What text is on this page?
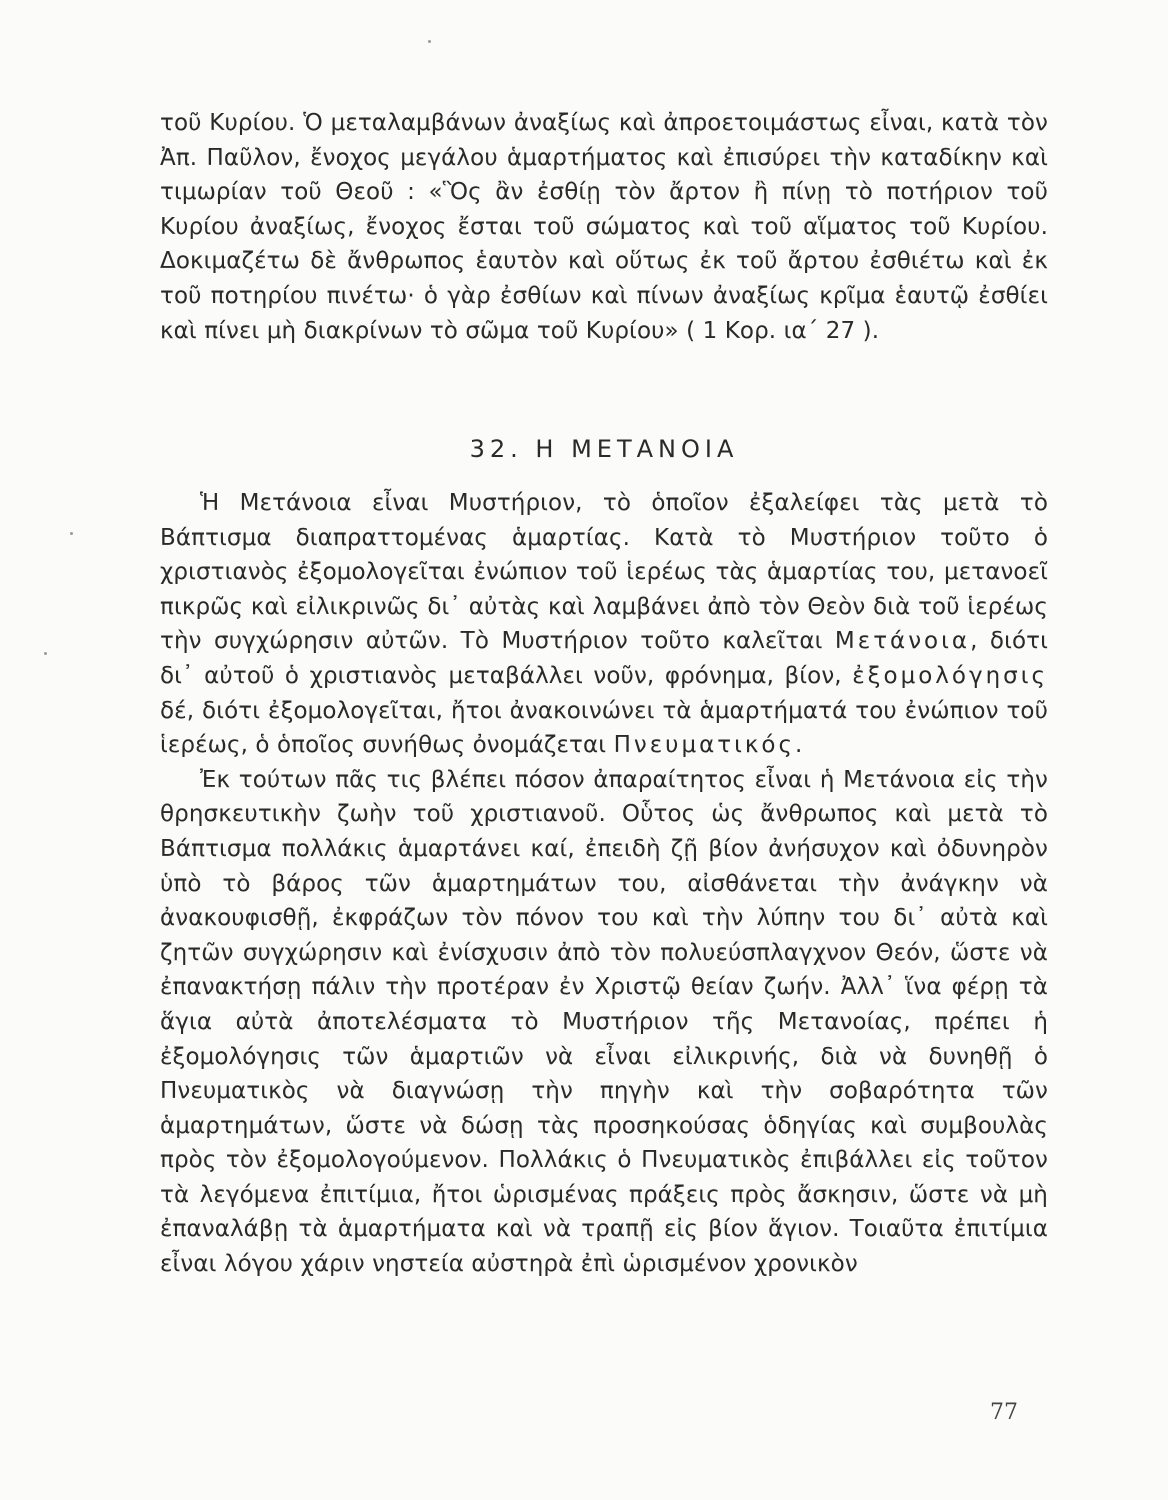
τοῦ Κυρίου. Ὁ μεταλαμβάνων ἀναξίως καὶ ἀπροετοιμάστως εἶναι, κατὰ τὸν Ἀπ. Παῦλον, ἔνοχος μεγάλου ἁμαρτήματος καὶ ἐπισύρει τὴν καταδίκην καὶ τιμωρίαν τοῦ Θεοῦ : «Ὃς ἂν ἐσθίῃ τὸν ἄρτον ἢ πίνῃ τὸ ποτήριον τοῦ Κυρίου ἀναξίως, ἔνοχος ἔσται τοῦ σώματος καὶ τοῦ αἵματος τοῦ Κυρίου. Δοκιμαζέτω δὲ ἄνθρωπος ἑαυτὸν καὶ οὕτως ἐκ τοῦ ἄρτου ἐσθιέτω καὶ ἐκ τοῦ ποτηρίου πινέτω· ὁ γὰρ ἐσθίων καὶ πίνων ἀναξίως κρῖμα ἑαυτῷ ἐσθίει καὶ πίνει μὴ διακρίνων τὸ σῶμα τοῦ Κυρίου» ( 1 Κορ. ια΄ 27 ).

32. Η ΜΕΤΑΝΟΙΑ

Ἡ Μετάνοια εἶναι Μυστήριον, τὸ ὁποῖον ἐξαλείφει τὰς μετὰ τὸ Βάπτισμα διαπραττομένας ἁμαρτίας. Κατὰ τὸ Μυστήριον τοῦτο ὁ χριστιανὸς ἐξομολογεῖται ἐνώπιον τοῦ ἱερέως τὰς ἁμαρτίας του, μετανοεῖ πικρῶς καὶ εἰλικρινῶς δι᾽ αὐτὰς καὶ λαμβάνει ἀπὸ τὸν Θεὸν διὰ τοῦ ἱερέως τὴν συγχώρησιν αὐτῶν. Τὸ Μυστήριον τοῦτο καλεῖται Μετάνοια, διότι δι᾽ αὐτοῦ ὁ χριστιανὸς μεταβάλλει νοῦν, φρόνημα, βίον, ἐξομολόγησις δέ, διότι ἐξομολογεῖται, ἤτοι ἀνακοινώνει τὰ ἁμαρτήματά του ἐνώπιον τοῦ ἱερέως, ὁ ὁποῖος συνήθως ὀνομάζεται Πνευματικός.

Ἐκ τούτων πᾶς τις βλέπει πόσον ἀπαραίτητος εἶναι ἡ Μετάνοια εἰς τὴν θρησκευτικὴν ζωὴν τοῦ χριστιανοῦ. Οὗτος ὡς ἄνθρωπος καὶ μετὰ τὸ Βάπτισμα πολλάκις ἁμαρτάνει καί, ἐπειδὴ ζῇ βίον ἀνήσυχον καὶ ὀδυνηρὸν ὑπὸ τὸ βάρος τῶν ἁμαρτημάτων του, αἰσθάνεται τὴν ἀνάγκην νὰ ἀνακουφισθῇ, ἐκφράζων τὸν πόνον του καὶ τὴν λύπην του δι᾽ αὐτὰ καὶ ζητῶν συγχώρησιν καὶ ἐνίσχυσιν ἀπὸ τὸν πολυεύσπλαγχνον Θεόν, ὥστε νὰ ἐπανακτήσῃ πάλιν τὴν προτέραν ἐν Χριστῷ θείαν ζωήν. Ἀλλ᾽ ἵνα φέρῃ τὰ ἅγια αὐτὰ ἀποτελέσματα τὸ Μυστήριον τῆς Μετανοίας, πρέπει ἡ ἐξομολόγησις τῶν ἁμαρτιῶν νὰ εἶναι εἰλικρινής, διὰ νὰ δυνηθῇ ὁ Πνευματικὸς νὰ διαγνώσῃ τὴν πηγὴν καὶ τὴν σοβαρότητα τῶν ἁμαρτημάτων, ὥστε νὰ δώσῃ τὰς προσηκούσας ὁδηγίας καὶ συμβουλὰς πρὸς τὸν ἐξομολογούμενον. Πολλάκις ὁ Πνευματικὸς ἐπιβάλλει εἰς τοῦτον τὰ λεγόμενα ἐπιτίμια, ἤτοι ὡρισμένας πράξεις πρὸς ἄσκησιν, ὥστε νὰ μὴ ἐπαναλάβῃ τὰ ἁμαρτήματα καὶ νὰ τραπῇ εἰς βίον ἅγιον. Τοιαῦτα ἐπιτίμια εἶναι λόγου χάριν νηστεία αὐστηρὰ ἐπὶ ὡρισμένον χρονικὸν

77
